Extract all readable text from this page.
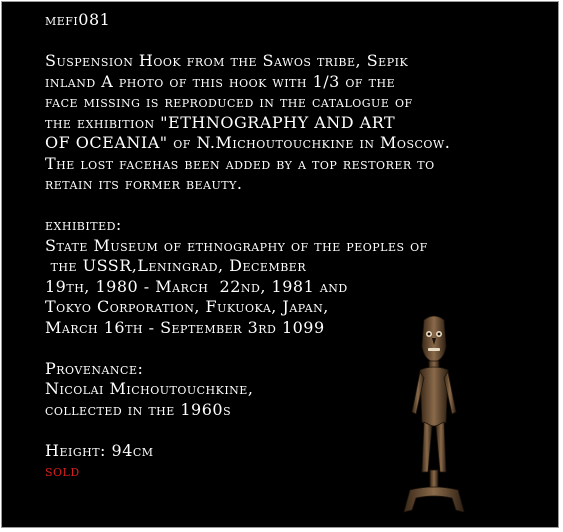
mefi081
Suspension Hook from the Sawos tribe, Sepik
inland A photo of this hook with 1/3 of the
face missing is reproduced in the catalogue of
the exhibition "ETHNOGRAPHY AND ART
OF OCEANIA" of N.Michoutouchkine in Moscow.
The lost facehas been added by a top restorer to
retain its former beauty.
exhibited:
State Museum of ethnography of the peoples of
the USSR,Leningrad, December
19th, 1980 - March  22nd, 1981 and
Tokyo Corporation, Fukuoka, Japan,
March 16th - September 3rd 1099
Provenance:
Nicolai Michoutouchkine,
collected in the 1960s
Height: 94cm
sold
